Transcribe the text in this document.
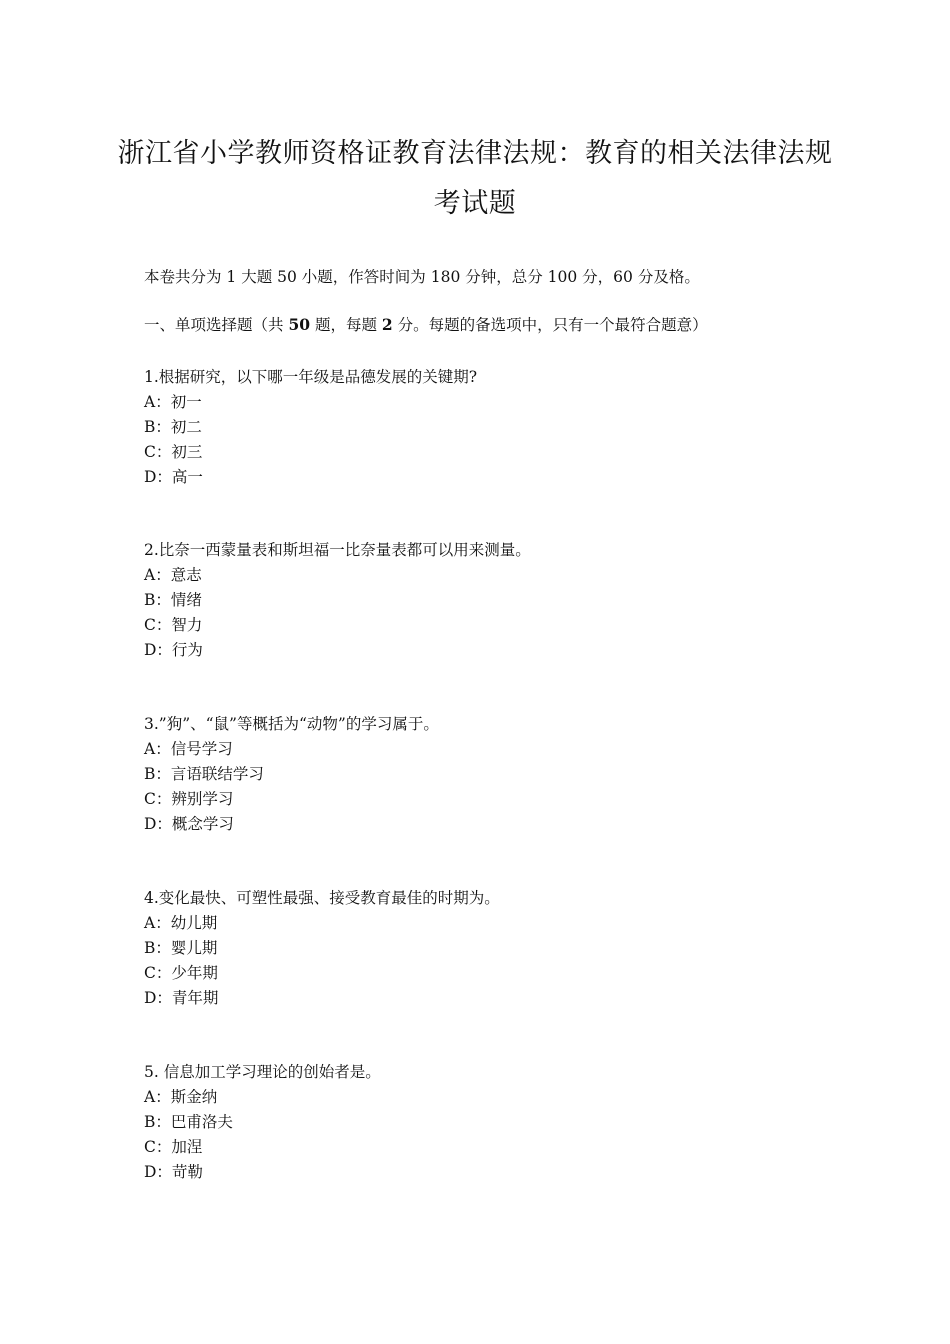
浙江省小学教师资格证教育法律法规：教育的相关法律法规
考试题
本卷共分为 1 大题 50 小题，作答时间为 180 分钟，总分 100 分，60 分及格。
一、单项选择题（共 50 题，每题 2 分。每题的备选项中，只有一个最符合题意）
1.根据研究，以下哪一年级是品德发展的关键期?
A：初一
B：初二
C：初三
D：高一
2.比奈一西蒙量表和斯坦福一比奈量表都可以用来测量。
A：意志
B：情绪
C：智力
D：行为
3.”狗”、“鼠”等概括为“动物”的学习属于。
A：信号学习
B：言语联结学习
C：辨别学习
D：概念学习
4.变化最快、可塑性最强、接受教育最佳的时期为。
A：幼儿期
B：婴儿期
C：少年期
D：青年期
5. 信息加工学习理论的创始者是。
A：斯金纳
B：巴甫洛夫
C：加涅
D：苛勒
